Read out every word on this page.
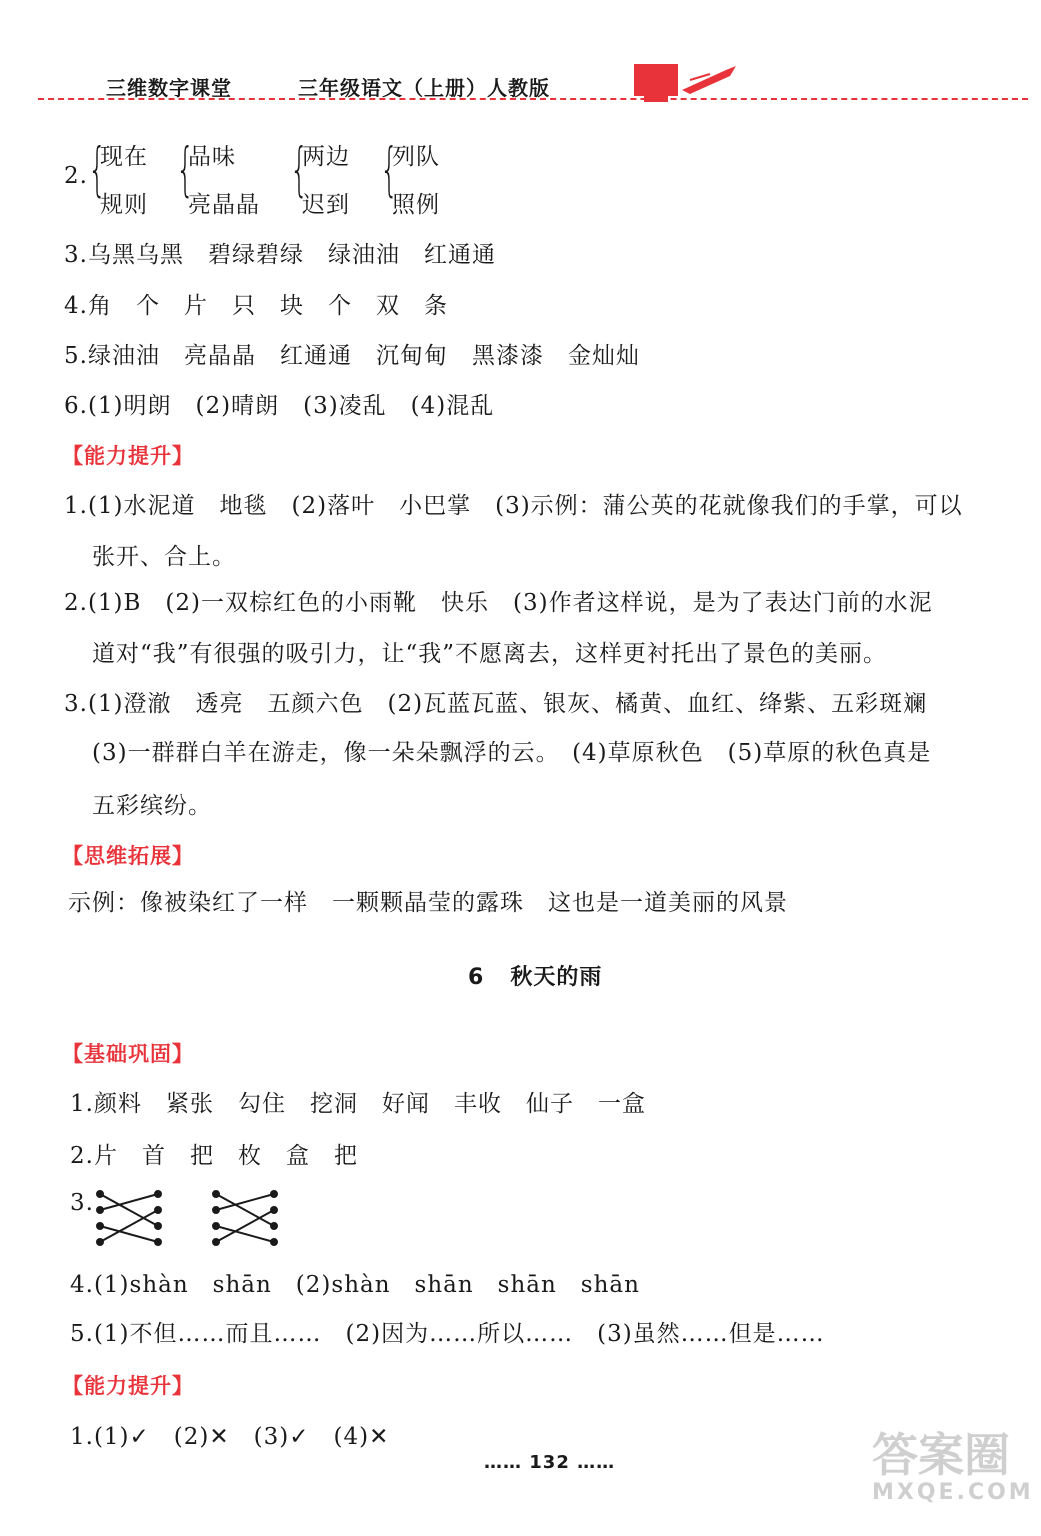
三维数字课堂	三年级语文（上册）人教版
2. {
现在
规则
{
品味
亮晶晶
{
两边
迟到
{
列队
照例
3.乌黑乌黑　碧绿碧绿　绿油油　红通通
4.角　个　片　只　块　个　双　条
5.绿油油　亮晶晶　红通通　沉甸甸　黑漆漆　金灿灿
6.(1)明朗　(2)晴朗　(3)凌乱　(4)混乱
【能力提升】
1.(1)水泥道　地毯　(2)落叶　小巴掌　(3)示例：蒲公英的花就像我们的手掌，可以
张开、合上。
2.(1)B　(2)一双棕红色的小雨靴　快乐　(3)作者这样说，是为了表达门前的水泥
道对“我”有很强的吸引力，让“我”不愿离去，这样更衬托出了景色的美丽。
3.(1)澄澈　透亮　五颜六色　(2)瓦蓝瓦蓝、银灰、橘黄、血红、绛紫、五彩斑斓
(3)一群群白羊在游走，像一朵朵飘浮的云。　(4)草原秋色　(5)草原的秋色真是
五彩缤纷。
【思维拓展】
示例：像被染红了一样　一颗颗晶莹的露珠　这也是一道美丽的风景
6 秋天的雨
【基础巩固】
1.颜料　紧张　勾住　挖洞　好闻　丰收　仙子　一盒
2.片　首　把　枚　盒　把
3.
4.(1)shàn　shān　(2)shàn　shān　shān　shān
5.(1)不但……而且……　(2)因为……所以……　(3)虽然……但是……
【能力提升】
1.(1)✓　(2)✕　(3)✓　(4)✕
…… 132 ……	答案圈
MXQE.COM
